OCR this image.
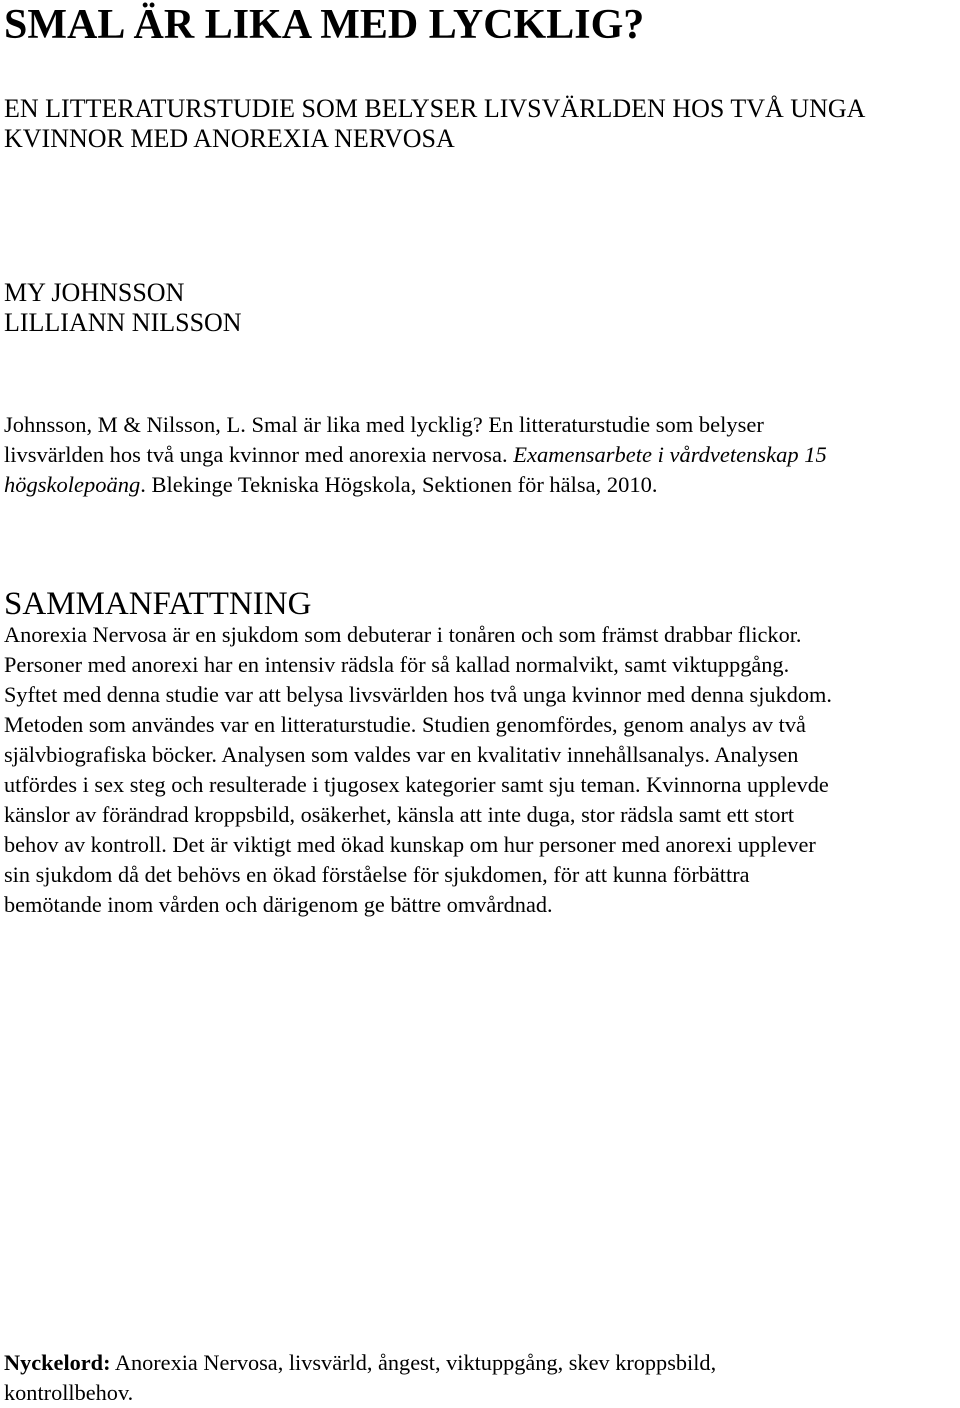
SMAL ÄR LIKA MED LYCKLIG?
EN LITTERATURSTUDIE SOM BELYSER LIVSVÄRLDEN HOS TVÅ UNGA
KVINNOR MED ANOREXIA NERVOSA
MY JOHNSSON
LILLIANN NILSSON
Johnsson, M & Nilsson, L. Smal är lika med lycklig? En litteraturstudie som belyser
livsvärlden hos två unga kvinnor med anorexia nervosa. Examensarbete i vårdvetenskap 15
högskolepoäng. Blekinge Tekniska Högskola, Sektionen för hälsa, 2010.
SAMMANFATTNING
Anorexia Nervosa är en sjukdom som debuterar i tonåren och som främst drabbar flickor.
Personer med anorexi har en intensiv rädsla för så kallad normalvikt, samt viktuppgång.
Syftet med denna studie var att belysa livsvärlden hos två unga kvinnor med denna sjukdom.
Metoden som användes var en litteraturstudie. Studien genomfördes, genom analys av två
självbiografiska böcker. Analysen som valdes var en kvalitativ innehållsanalys. Analysen
utfördes i sex steg och resulterade i tjugosex kategorier samt sju teman. Kvinnorna upplevde
känslor av förändrad kroppsbild, osäkerhet, känsla att inte duga, stor rädsla samt ett stort
behov av kontroll. Det är viktigt med ökad kunskap om hur personer med anorexi upplever
sin sjukdom då det behövs en ökad förståelse för sjukdomen, för att kunna förbättra
bemötande inom vården och därigenom ge bättre omvårdnad.
Nyckelord: Anorexia Nervosa, livsvärld, ångest, viktuppgång, skev kroppsbild,
kontrollbehov.
